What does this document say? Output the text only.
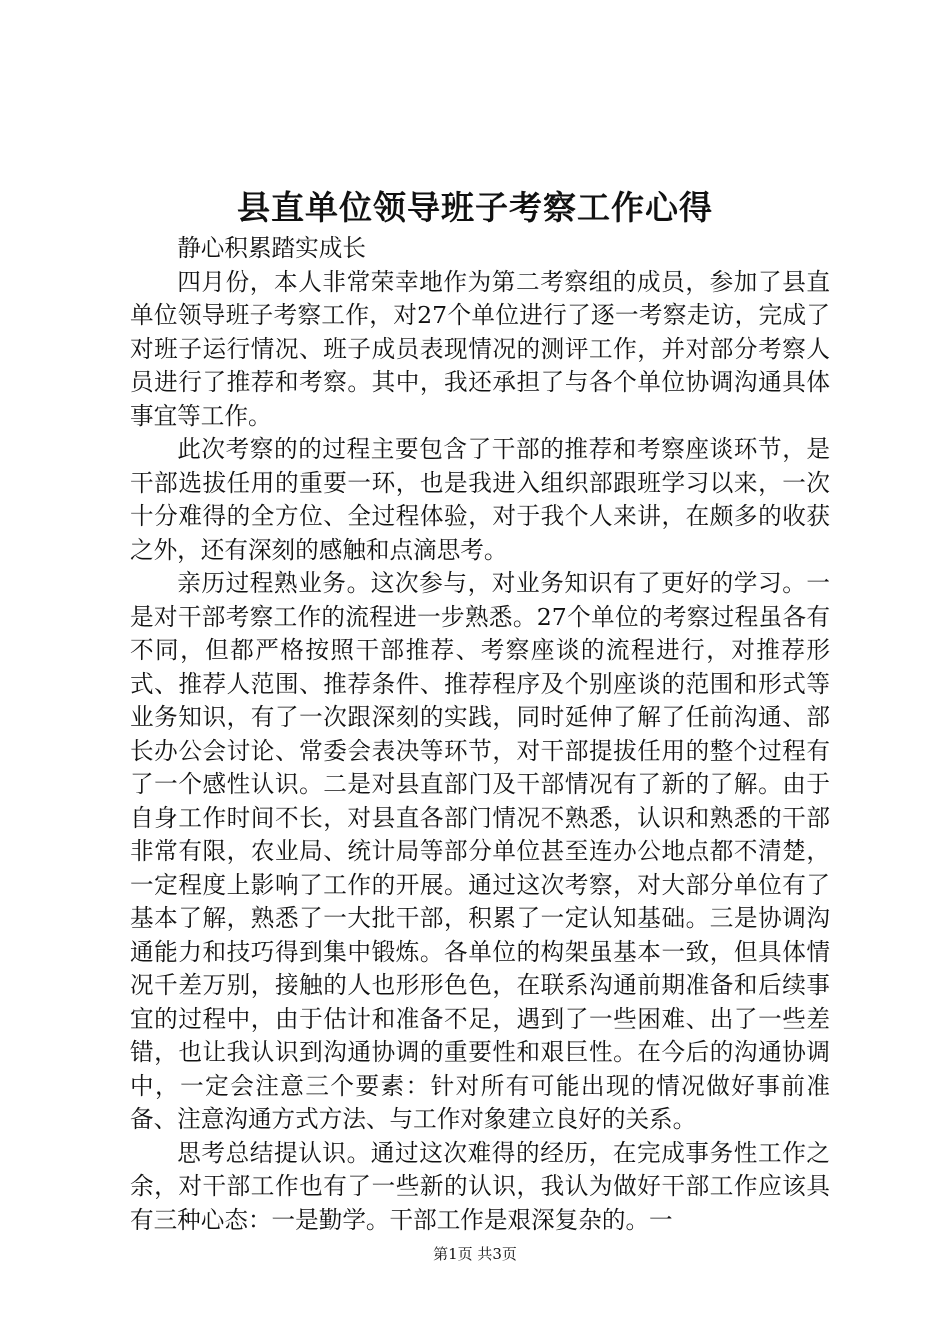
县直单位领导班子考察工作心得

静心积累踏实成长

四月份，本人非常荣幸地作为第二考察组的成员，参加了县直单位领导班子考察工作，对27个单位进行了逐一考察走访，完成了对班子运行情况、班子成员表现情况的测评工作，并对部分考察人员进行了推荐和考察。其中，我还承担了与各个单位协调沟通具体事宜等工作。

此次考察的的过程主要包含了干部的推荐和考察座谈环节，是干部选拔任用的重要一环，也是我进入组织部跟班学习以来，一次十分难得的全方位、全过程体验，对于我个人来讲，在颇多的收获之外，还有深刻的感触和点滴思考。

亲历过程熟业务。这次参与，对业务知识有了更好的学习。一是对干部考察工作的流程进一步熟悉。27个单位的考察过程虽各有不同，但都严格按照干部推荐、考察座谈的流程进行，对推荐形式、推荐人范围、推荐条件、推荐程序及个别座谈的范围和形式等业务知识，有了一次跟深刻的实践，同时延伸了解了任前沟通、部长办公会讨论、常委会表决等环节，对干部提拔任用的整个过程有了一个感性认识。二是对县直部门及干部情况有了新的了解。由于自身工作时间不长，对县直各部门情况不熟悉，认识和熟悉的干部非常有限，农业局、统计局等部分单位甚至连办公地点都不清楚，一定程度上影响了工作的开展。通过这次考察，对大部分单位有了基本了解，熟悉了一大批干部，积累了一定认知基础。三是协调沟通能力和技巧得到集中锻炼。各单位的构架虽基本一致，但具体情况千差万别，接触的人也形形色色，在联系沟通前期准备和后续事宜的过程中，由于估计和准备不足，遇到了一些困难、出了一些差错，也让我认识到沟通协调的重要性和艰巨性。在今后的沟通协调中，一定会注意三个要素：针对所有可能出现的情况做好事前准备、注意沟通方式方法、与工作对象建立良好的关系。

思考总结提认识。通过这次难得的经历，在完成事务性工作之余，对干部工作也有了一些新的认识，我认为做好干部工作应该具有三种心态：一是勤学。干部工作是艰深复杂的。一

第1页 共3页
